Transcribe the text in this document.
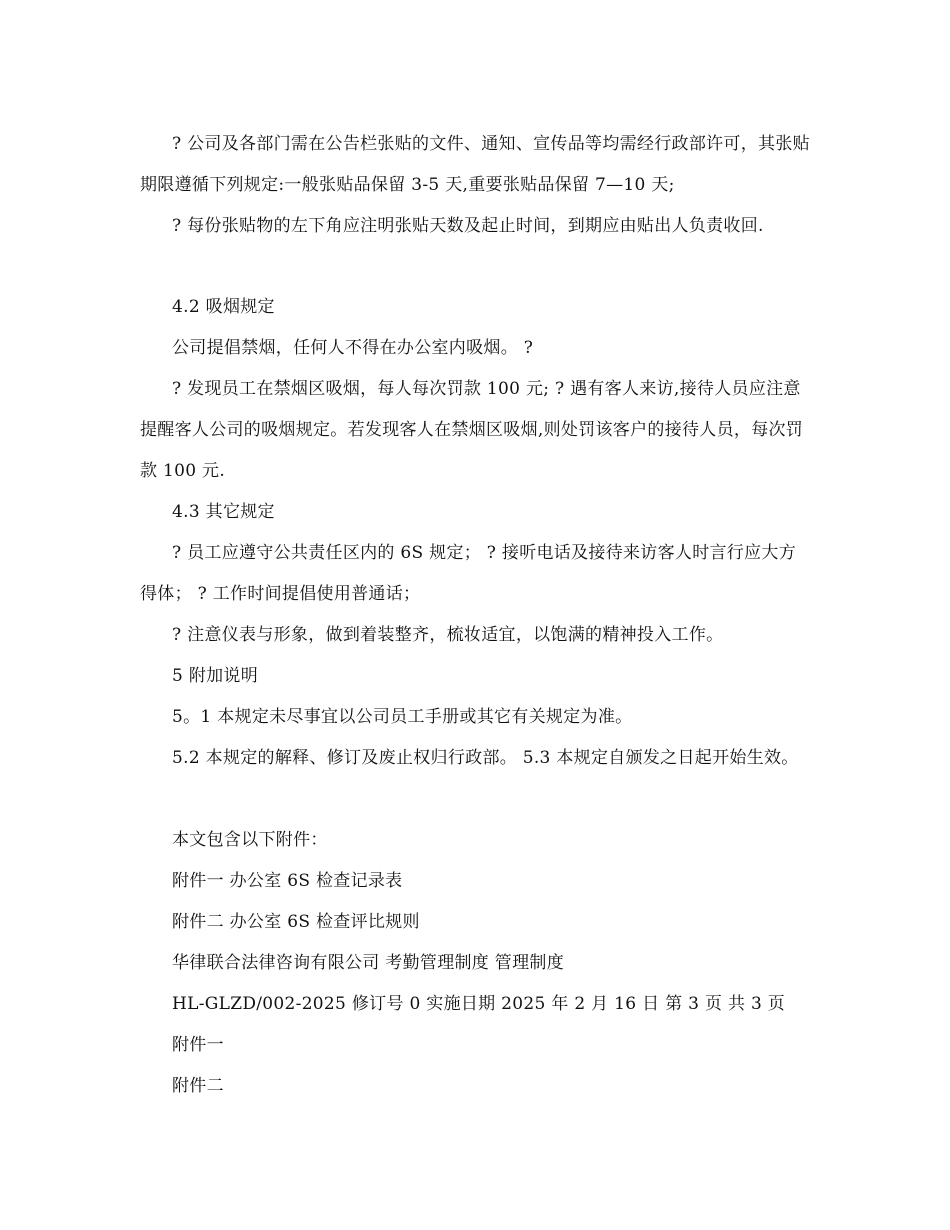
? 公司及各部门需在公告栏张贴的文件、通知、宣传品等均需经行政部许可，其张贴期限遵循下列规定:一般张贴品保留 3-5 天,重要张贴品保留 7—10 天;
? 每份张贴物的左下角应注明张贴天数及起止时间，到期应由贴出人负责收回.
4.2 吸烟规定
公司提倡禁烟，任何人不得在办公室内吸烟。 ?
? 发现员工在禁烟区吸烟，每人每次罚款 100 元; ? 遇有客人来访,接待人员应注意提醒客人公司的吸烟规定。若发现客人在禁烟区吸烟,则处罚该客户的接待人员，每次罚款 100 元.
4.3 其它规定
? 员工应遵守公共责任区内的 6S 规定； ? 接听电话及接待来访客人时言行应大方得体； ? 工作时间提倡使用普通话；
? 注意仪表与形象，做到着装整齐，梳妆适宜，以饱满的精神投入工作。
5 附加说明
5。1 本规定未尽事宜以公司员工手册或其它有关规定为准。
5.2 本规定的解释、修订及废止权归行政部。 5.3 本规定自颁发之日起开始生效。
本文包含以下附件：
附件一 办公室 6S 检查记录表
附件二 办公室 6S 检查评比规则
华律联合法律咨询有限公司 考勤管理制度 管理制度
HL-GLZD/002-2025 修订号 0 实施日期 2025 年 2 月 16 日 第 3 页 共 3 页
附件一
附件二
